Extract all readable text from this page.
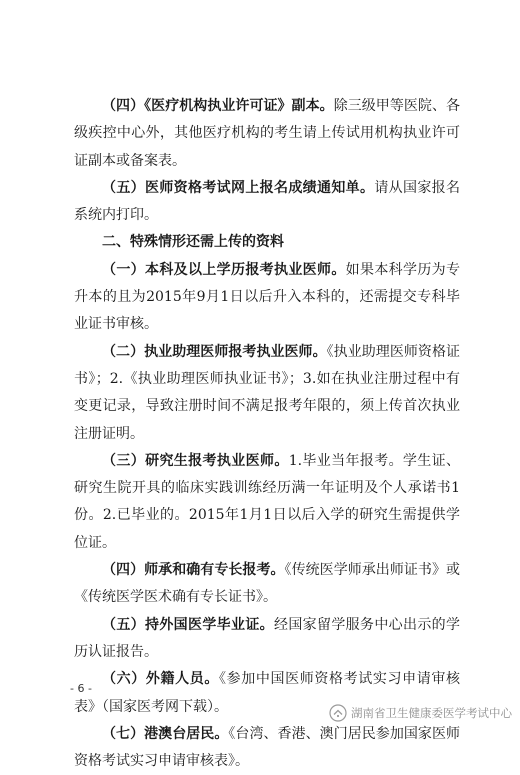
（四）《医疗机构执业许可证》副本。除三级甲等医院、各级疾控中心外，其他医疗机构的考生请上传试用机构执业许可证副本或备案表。

（五）医师资格考试网上报名成绩通知单。请从国家报名系统内打印。

二、特殊情形还需上传的资料

（一）本科及以上学历报考执业医师。如果本科学历为专升本的且为2015年9月1日以后升入本科的，还需提交专科毕业证书审核。

（二）执业助理医师报考执业医师。《执业助理医师资格证书》；2.《执业助理医师执业证书》；3.如在执业注册过程中有变更记录，导致注册时间不满足报考年限的，须上传首次执业注册证明。

（三）研究生报考执业医师。1.毕业当年报考。学生证、研究生院开具的临床实践训练经历满一年证明及个人承诺书1份。2.已毕业的。2015年1月1日以后入学的研究生需提供学位证。

（四）师承和确有专长报考。《传统医学师承出师证书》或《传统医学医术确有专长证书》。

（五）持外国医学毕业证。经国家留学服务中心出示的学历认证报告。

（六）外籍人员。《参加中国医师资格考试实习申请审核表》（国家医考网下载）。

（七）港澳台居民。《台湾、香港、澳门居民参加国家医师资格考试实习申请审核表》。

- 6 -
湖南省卫生健康委医学考试中心
